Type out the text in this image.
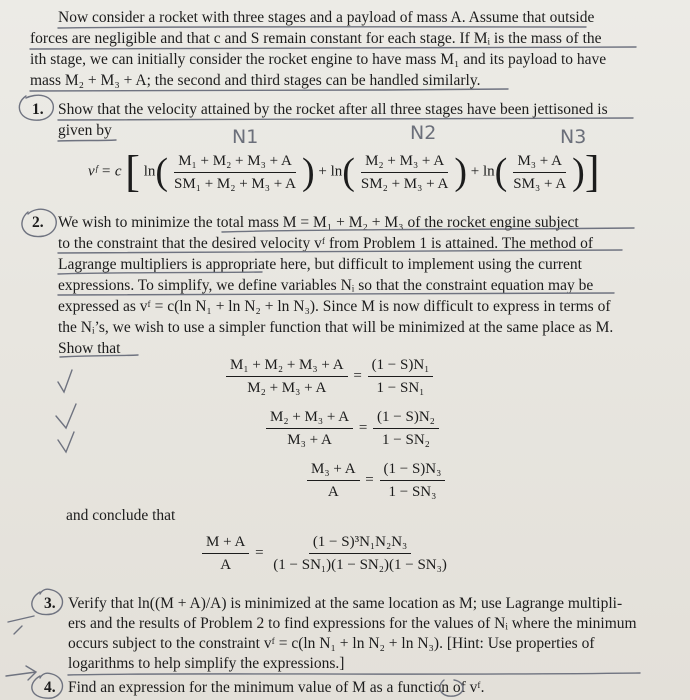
Now consider a rocket with three stages and a payload of mass A. Assume that outside
forces are negligible and that c and S remain constant for each stage. If Mᵢ is the mass of the
ith stage, we can initially consider the rocket engine to have mass M₁ and its payload to have
mass M₂ + M₃ + A; the second and third stages can be handled similarly.
1. Show that the velocity attained by the rocket after all three stages have been jettisoned is
given by	N1	N2	N3
vᶠ = c [ $\ln( \frac{\text{M₁ + M₂ + M₃ + A}}{\text{SM₁ + M₂ + M₃ + A}}$ ) + $\ln( \frac{\text{M₂ + M₃ + A}}{\text{SM₂ + M₃ + A}}$ ) + $\ln( \frac{\text{M₃ + A}}{\text{SM₃ + A}}$ )]
2. We wish to minimize the total mass M = M₁ + M₂ + M₃ of the rocket engine subject
to the constraint that the desired velocity vᶠ from Problem 1 is attained. The method of
Lagrange multipliers is appropriate here, but difficult to implement using the current
expressions. To simplify, we define variables Nᵢ so that the constraint equation may be
expressed as vᶠ = c(ln N₁ + ln N₂ + ln N₃). Since M is now difficult to express in terms of
the Nᵢ’s, we wish to use a simpler function that will be minimized at the same place as M.
Show that
$\frac{\text{M₁ + M₂ + M₃ + A}}{\text{M₂ + M₃ + A}} = \frac{\text{(1 − S)N₁}}{\text{1 − SN₁}}$
$\frac{\text{M₂ + M₃ + A}}{\text{M₃ + A}} = \frac{\text{(1 − S)N₂}}{\text{1 − SN₂}}$
$\frac{\text{M₃ + A}}{A} = \frac{\text{(1 − S)N₃}}{\text{1 − SN₃}}$
and conclude that
$\frac{M + A}{A} = \frac{\text{(1 − S)³N₁N₂N₃}}{\text{(1 − SN₁)(1 − SN₂)(1 − SN₃)}}$
3. Verify that ln((M + A)/A) is minimized at the same location as M; use Lagrange multipli-
ers and the results of Problem 2 to find expressions for the values of Nᵢ where the minimum
occurs subject to the constraint vᶠ = c(ln N₁ + ln N₂ + ln N₃). [Hint: Use properties of
logarithms to help simplify the expressions.]
4. Find an expression for the minimum value of M as a function of vᶠ.
